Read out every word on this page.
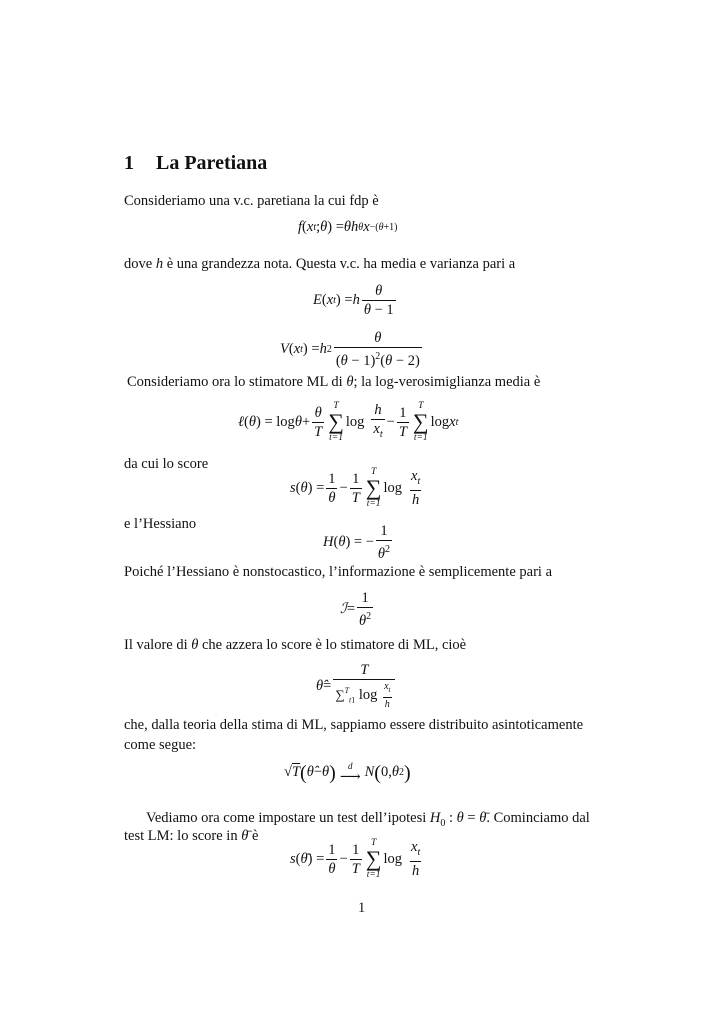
1 La Paretiana
Consideriamo una v.c. paretiana la cui fdp è
f ( x t ; θ ) = θh θ x −(θ+1)
dove h è una grandezza nota. Questa v.c. ha media e varianza pari a
E ( x t ) = h $\frac{\theta}{\theta - 1}$
V ( x t ) = h $2 \frac{\theta}{(\theta - 1)^2(\theta - 2)}$
Consideriamo ora lo stimatore ML di θ; la log-verosimiglianza media è
ℓ ( θ ) = $\log \theta + \frac{\theta}{T}$ T
∑
t=1
$\log \frac{h}{x_t} - \frac{1}{T}$ T
∑
t=1
log x t
da cui lo score
s ( θ ) = $\frac{1}{\theta} - \frac{1}{T}$ T
∑
t=1
$\log \frac{x_t}{h}$
e l’Hessiano
H ( θ ) = − $\frac{1}{\theta^2}$
Poiché l’Hessiano è nonstocastico, l’informazione è semplicemente pari a
ℐ = $\frac{1}{\theta^2}$
Il valore di θ che azzera lo score è lo stimatore di ML, cioè
θ̂ = $\frac{T}{\sum^T_{t1} \log \frac{x_t}{h}}$
che, dalla teoria della stima di ML, sappiamo essere distribuito asintoticamente
come segue:
√T ( θ̂ − θ ) d
⟶ N ( 0, θ 2 )
Vediamo ora come impostare un test dell’ipotesi $H_0$ : θ = θ̄. Cominciamo dal
test LM: lo score in θ̄ è
s ( θ̄ ) = $\frac{1}{\theta} - \frac{1}{T}$ T
∑
t=1
$\log \frac{x_t}{h}$
1
